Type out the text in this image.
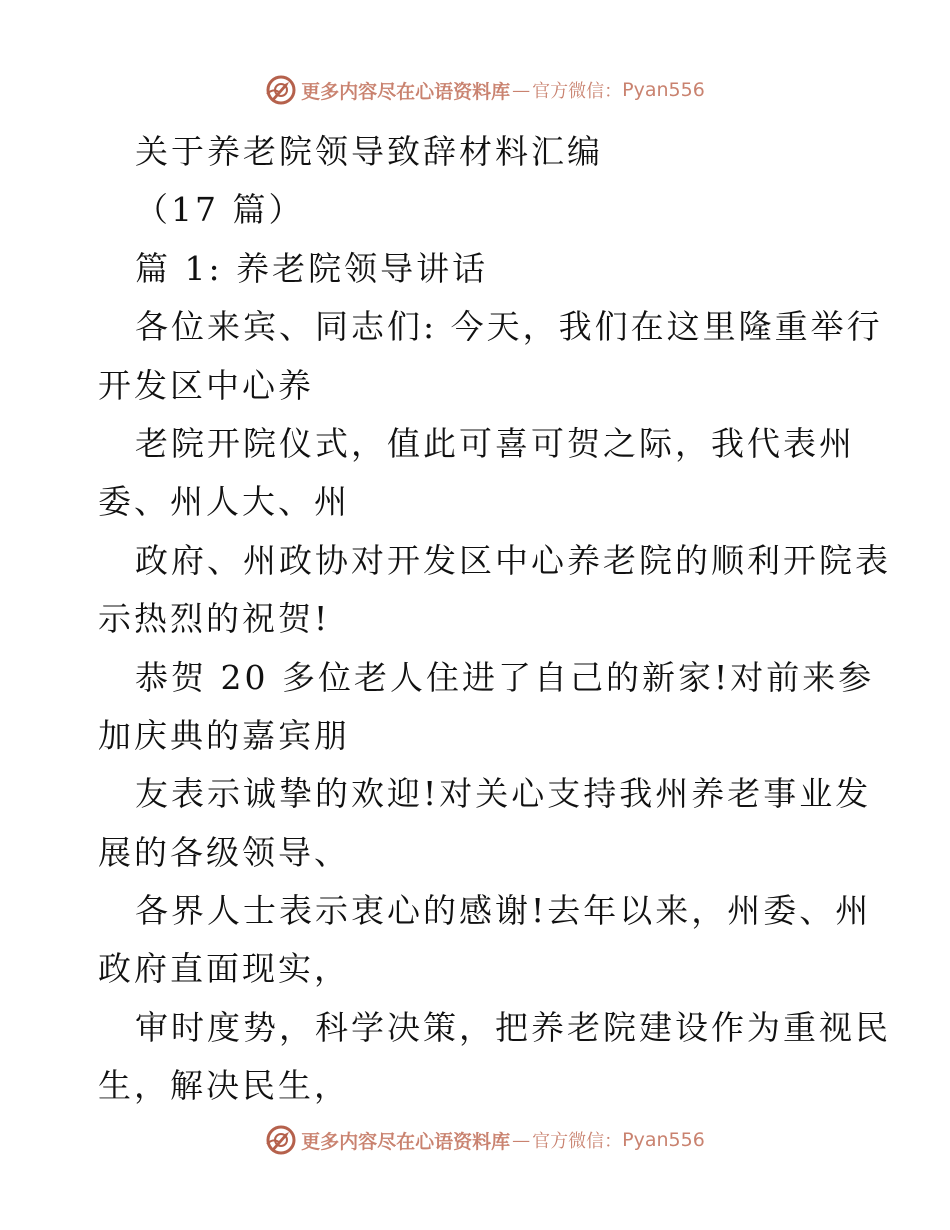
更多内容尽在心语资料库 — 官方微信： Pyan556
关于养老院领导致辞材料汇编
（17 篇）
篇 1: 养老院领导讲话
各位来宾、同志们: 今天，我们在这里隆重举行
开发区中心养
老院开院仪式，值此可喜可贺之际，我代表州
委、州人大、州
政府、州政协对开发区中心养老院的顺利开院表
示热烈的祝贺!
恭贺 20 多位老人住进了自己的新家!对前来参
加庆典的嘉宾朋
友表示诚挚的欢迎!对关心支持我州养老事业发
展的各级领导、
各界人士表示衷心的感谢!去年以来，州委、州
政府直面现实，
审时度势，科学决策，把养老院建设作为重视民
生，解决民生，
更多内容尽在心语资料库 — 官方微信： Pyan556
